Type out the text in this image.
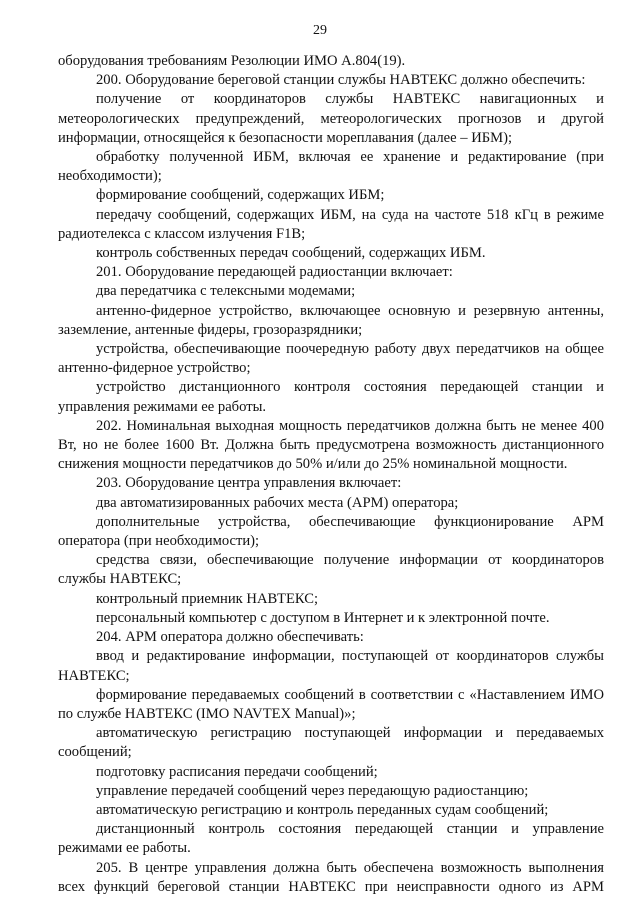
29

оборудования требованиям Резолюции ИМО А.804(19).

200. Оборудование береговой станции службы НАВТЕКС должно обеспечить:

получение от координаторов службы НАВТЕКС навигационных и метеорологических предупреждений, метеорологических прогнозов и другой информации, относящейся к безопасности мореплавания (далее – ИБМ);

обработку полученной ИБМ, включая ее хранение и редактирование (при необходимости);

формирование сообщений, содержащих ИБМ;

передачу сообщений, содержащих ИБМ, на суда на частоте 518 кГц в режиме радиотелекса с классом излучения F1B;

контроль собственных передач сообщений, содержащих ИБМ.

201. Оборудование передающей радиостанции включает:

два передатчика с телексными модемами;

антенно-фидерное устройство, включающее основную и резервную антенны, заземление, антенные фидеры, грозоразрядники;

устройства, обеспечивающие поочередную работу двух передатчиков на общее антенно-фидерное устройство;

устройство дистанционного контроля состояния передающей станции и управления режимами ее работы.

202. Номинальная выходная мощность передатчиков должна быть не менее 400 Вт, но не более 1600 Вт. Должна быть предусмотрена возможность дистанционного снижения мощности передатчиков до 50% и/или до 25% номинальной мощности.

203. Оборудование центра управления включает:

два автоматизированных рабочих места (АРМ) оператора;

дополнительные устройства, обеспечивающие функционирование АРМ оператора (при необходимости);

средства связи, обеспечивающие получение информации от координаторов службы НАВТЕКС;

контрольный приемник НАВТЕКС;

персональный компьютер с доступом в Интернет и к электронной почте.

204. АРМ оператора должно обеспечивать:

ввод и редактирование информации, поступающей от координаторов службы НАВТЕКС;

формирование передаваемых сообщений в соответствии с «Наставлением ИМО по службе НАВТЕКС (IMO NAVTEX Manual)»;

автоматическую регистрацию поступающей информации и передаваемых сообщений;

подготовку расписания передачи сообщений;

управление передачей сообщений через передающую радиостанцию;

автоматическую регистрацию и контроль переданных судам сообщений;

дистанционный контроль состояния передающей станции и управление режимами ее работы.

205. В центре управления должна быть обеспечена возможность выполнения всех функций береговой станции НАВТЕКС при неисправности одного из АРМ
